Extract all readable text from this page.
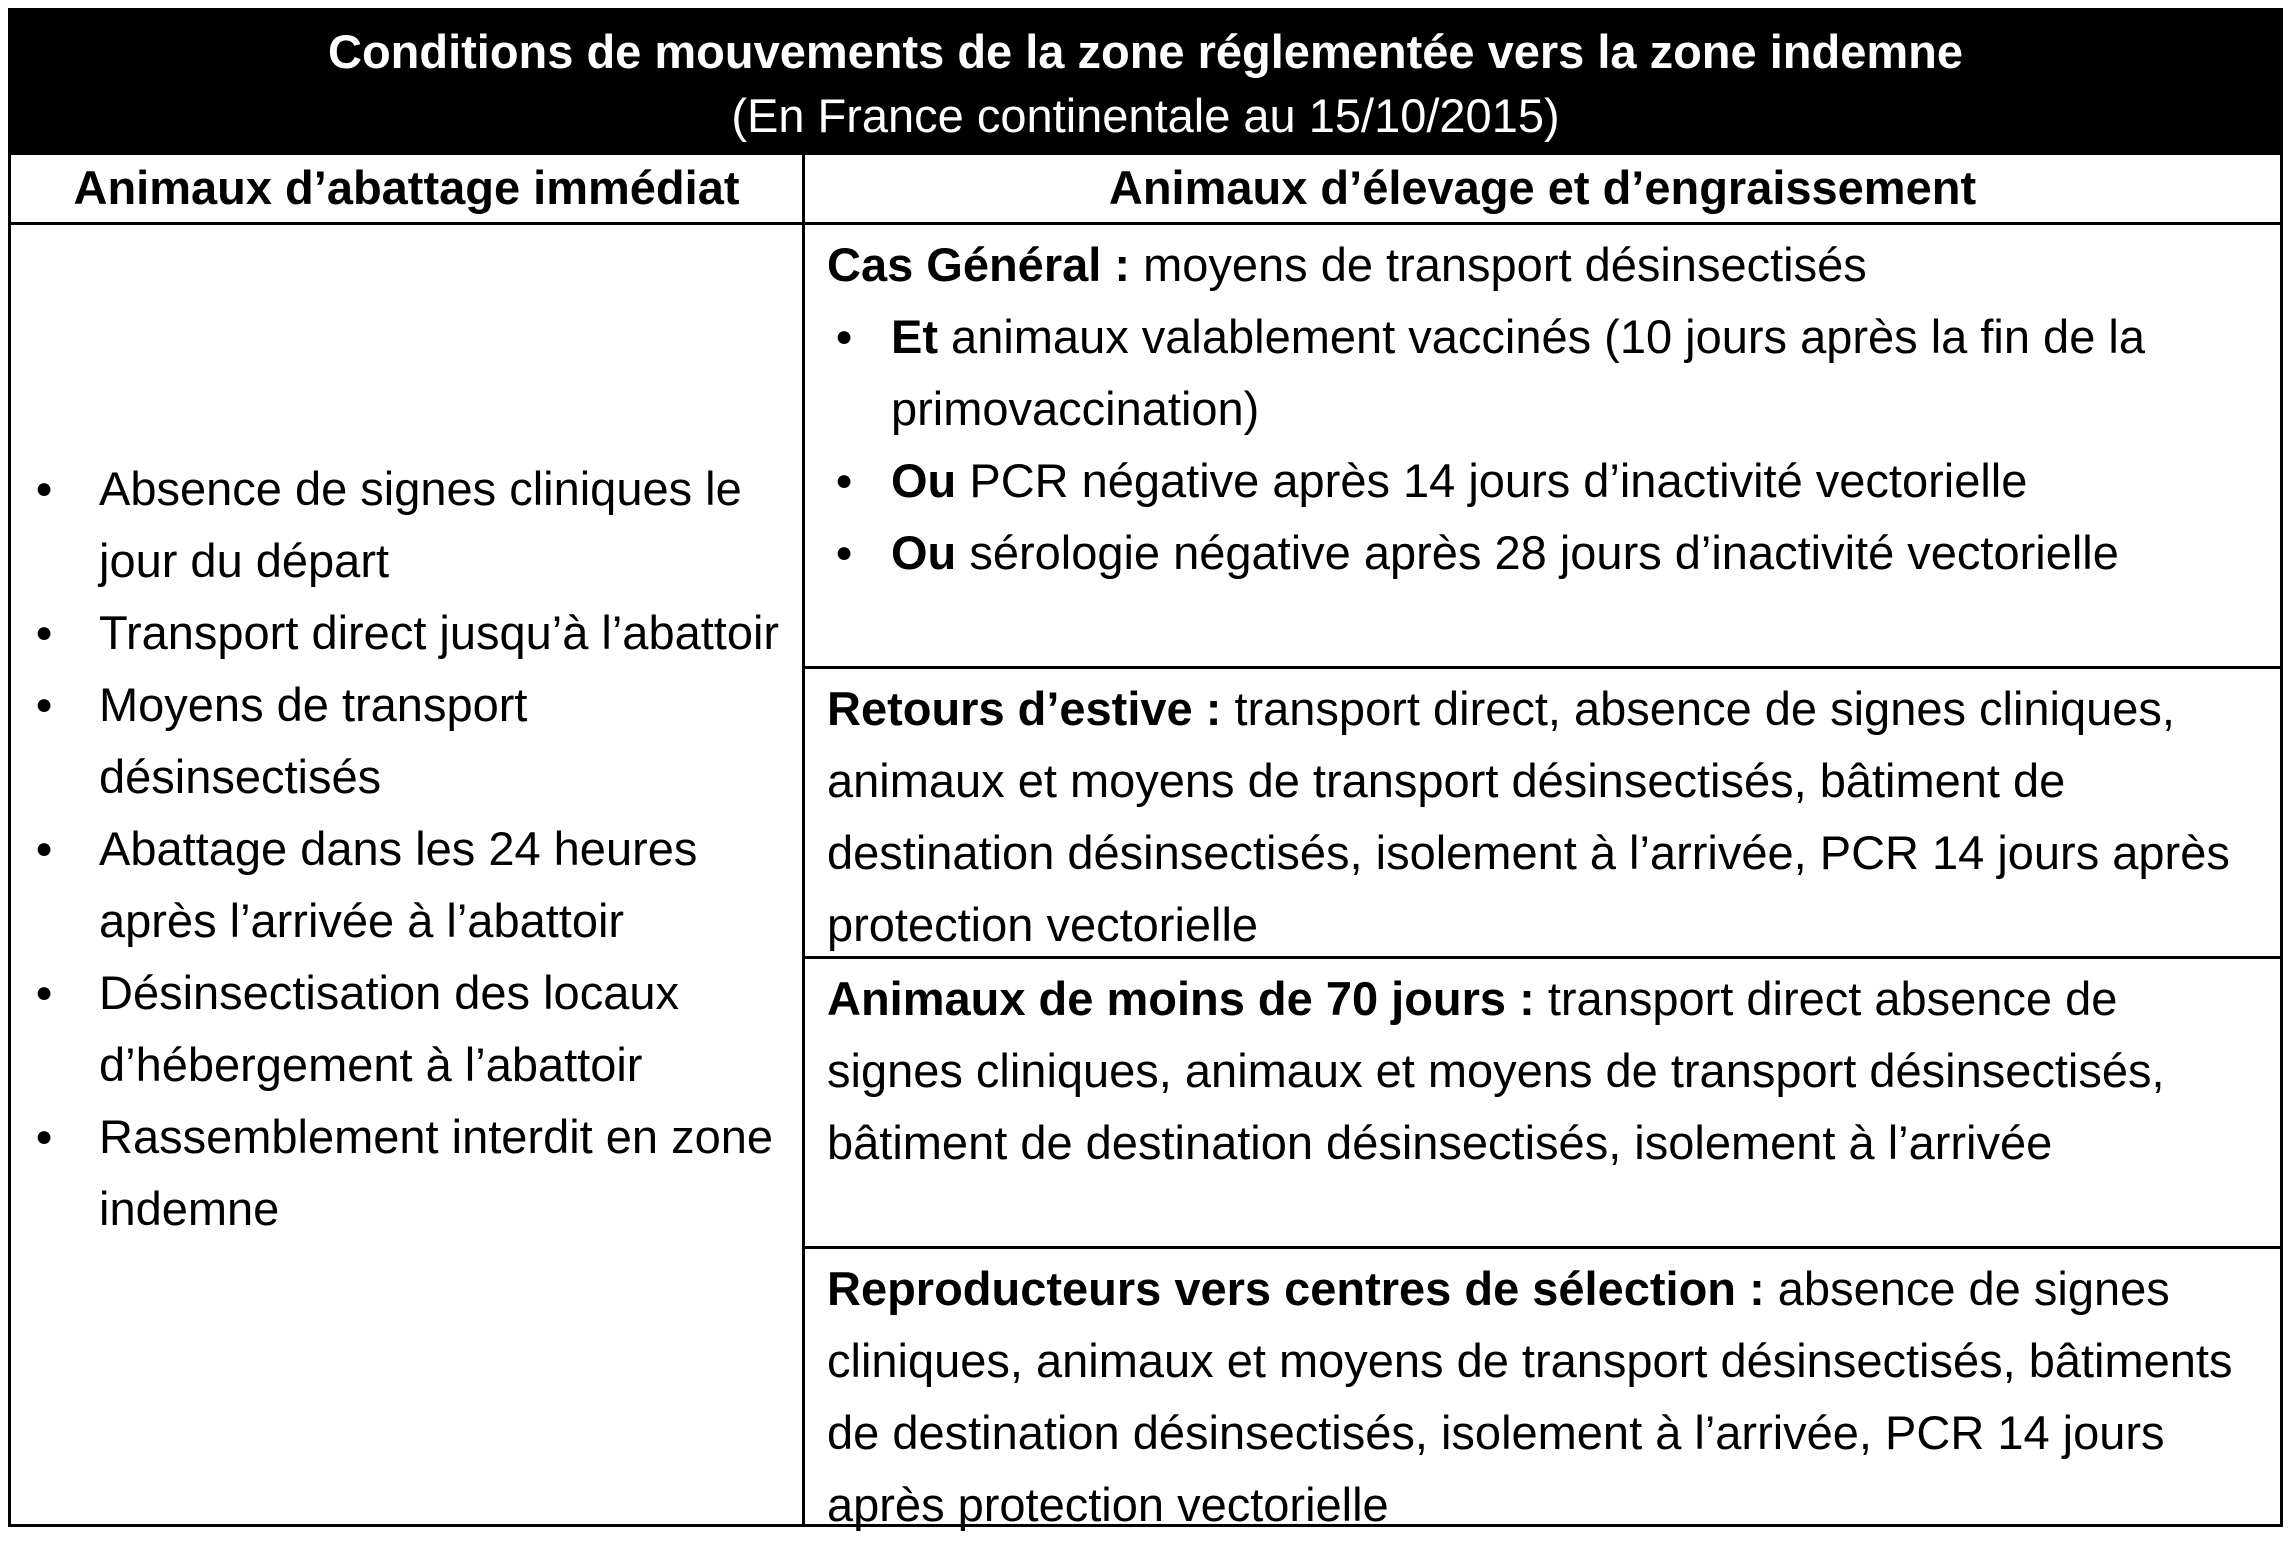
Conditions de mouvements de la zone réglementée vers la zone indemne
(En France continentale au 15/10/2015)
Animaux d’abattage immédiat	Animaux d’élevage et d’engraissement
● Absence de signes cliniques le jour du départ
● Transport direct jusqu’à l’abattoir
● Moyens de transport désinsectisés
● Abattage dans les 24 heures après l’arrivée à l’abattoir
● Désinsectisation des locaux d’hébergement à l’abattoir
● Rassemblement interdit en zone indemne
Cas Général : moyens de transport désinsectisés
● Et animaux valablement vaccinés (10 jours après la fin de la primovaccination)
● Ou PCR négative après 14 jours d’inactivité vectorielle
● Ou sérologie négative après 28 jours d’inactivité vectorielle
Retours d’estive : transport direct, absence de signes cliniques, animaux et moyens de transport désinsectisés, bâtiment de destination désinsectisés, isolement à l’arrivée, PCR 14 jours après protection vectorielle
Animaux de moins de 70 jours : transport direct absence de signes cliniques, animaux et moyens de transport désinsectisés, bâtiment de destination désinsectisés, isolement à l’arrivée
Reproducteurs vers centres de sélection : absence de signes cliniques, animaux et moyens de transport désinsectisés, bâtiments de destination désinsectisés, isolement à l’arrivée, PCR 14 jours après protection vectorielle
